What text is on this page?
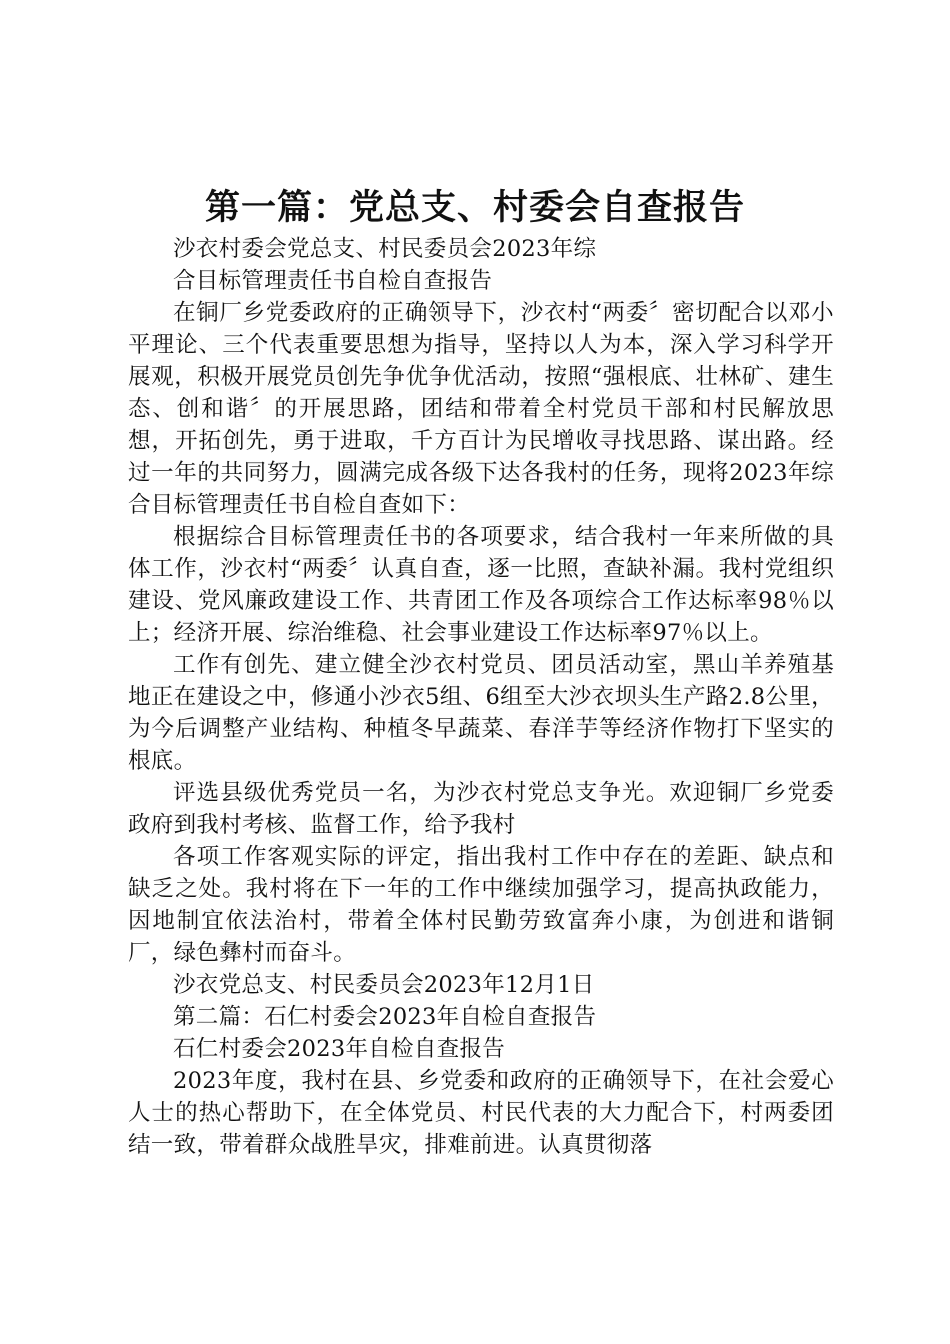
第一篇：党总支、村委会自查报告

沙衣村委会党总支、村民委员会2023年综

合目标管理责任书自检自查报告

在铜厂乡党委政府的正确领导下，沙衣村“两委〞密切配合以邓小平理论、三个代表重要思想为指导，坚持以人为本，深入学习科学开展观，积极开展党员创先争优争优活动，按照“强根底、壮林矿、建生态、创和谐〞的开展思路，团结和带着全村党员干部和村民解放思想，开拓创先，勇于进取，千方百计为民增收寻找思路、谋出路。经过一年的共同努力，圆满完成各级下达各我村的任务，现将2023年综合目标管理责任书自检自查如下：

根据综合目标管理责任书的各项要求，结合我村一年来所做的具体工作，沙衣村“两委〞认真自查，逐一比照，查缺补漏。我村党组织建设、党风廉政建设工作、共青团工作及各项综合工作达标率98％以上；经济开展、综治维稳、社会事业建设工作达标率97％以上。

工作有创先、建立健全沙衣村党员、团员活动室，黑山羊养殖基地正在建设之中，修通小沙衣5组、6组至大沙衣坝头生产路2.8公里，为今后调整产业结构、种植冬早蔬菜、春洋芋等经济作物打下坚实的根底。

评选县级优秀党员一名，为沙衣村党总支争光。欢迎铜厂乡党委政府到我村考核、监督工作，给予我村

各项工作客观实际的评定，指出我村工作中存在的差距、缺点和缺乏之处。我村将在下一年的工作中继续加强学习，提高执政能力，因地制宜依法治村，带着全体村民勤劳致富奔小康，为创进和谐铜厂，绿色彝村而奋斗。

沙衣党总支、村民委员会2023年12月1日

第二篇：石仁村委会2023年自检自查报告

石仁村委会2023年自检自查报告

2023年度，我村在县、乡党委和政府的正确领导下，在社会爱心人士的热心帮助下，在全体党员、村民代表的大力配合下，村两委团结一致，带着群众战胜旱灾，排难前进。认真贯彻落
